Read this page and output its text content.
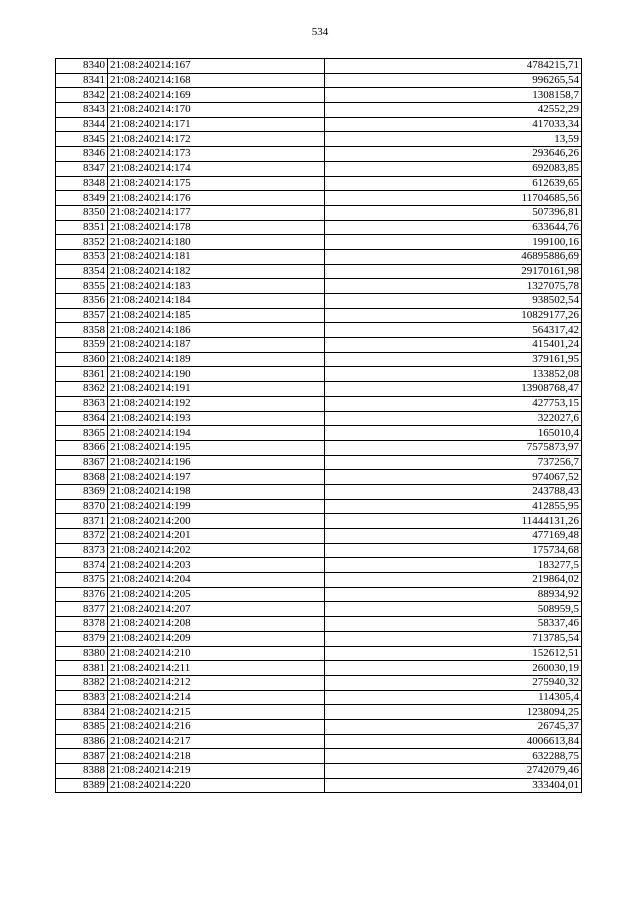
534
8340	21:08:240214:167	4784215,71
8341	21:08:240214:168	996265,54
8342	21:08:240214:169	1308158,7
8343	21:08:240214:170	42552,29
8344	21:08:240214:171	417033,34
8345	21:08:240214:172	13,59
8346	21:08:240214:173	293646,26
8347	21:08:240214:174	692083,85
8348	21:08:240214:175	612639,65
8349	21:08:240214:176	11704685,56
8350	21:08:240214:177	507396,81
8351	21:08:240214:178	633644,76
8352	21:08:240214:180	199100,16
8353	21:08:240214:181	46895886,69
8354	21:08:240214:182	29170161,98
8355	21:08:240214:183	1327075,78
8356	21:08:240214:184	938502,54
8357	21:08:240214:185	10829177,26
8358	21:08:240214:186	564317,42
8359	21:08:240214:187	415401,24
8360	21:08:240214:189	379161,95
8361	21:08:240214:190	133852,08
8362	21:08:240214:191	13908768,47
8363	21:08:240214:192	427753,15
8364	21:08:240214:193	322027,6
8365	21:08:240214:194	165010,4
8366	21:08:240214:195	7575873,97
8367	21:08:240214:196	737256,7
8368	21:08:240214:197	974067,52
8369	21:08:240214:198	243788,43
8370	21:08:240214:199	412855,95
8371	21:08:240214:200	11444131,26
8372	21:08:240214:201	477169,48
8373	21:08:240214:202	175734,68
8374	21:08:240214:203	183277,5
8375	21:08:240214:204	219864,02
8376	21:08:240214:205	88934,92
8377	21:08:240214:207	508959,5
8378	21:08:240214:208	58337,46
8379	21:08:240214:209	713785,54
8380	21:08:240214:210	152612,51
8381	21:08:240214:211	260030,19
8382	21:08:240214:212	275940,32
8383	21:08:240214:214	114305,4
8384	21:08:240214:215	1238094,25
8385	21:08:240214:216	26745,37
8386	21:08:240214:217	4006613,84
8387	21:08:240214:218	632288,75
8388	21:08:240214:219	2742079,46
8389	21:08:240214:220	333404,01
